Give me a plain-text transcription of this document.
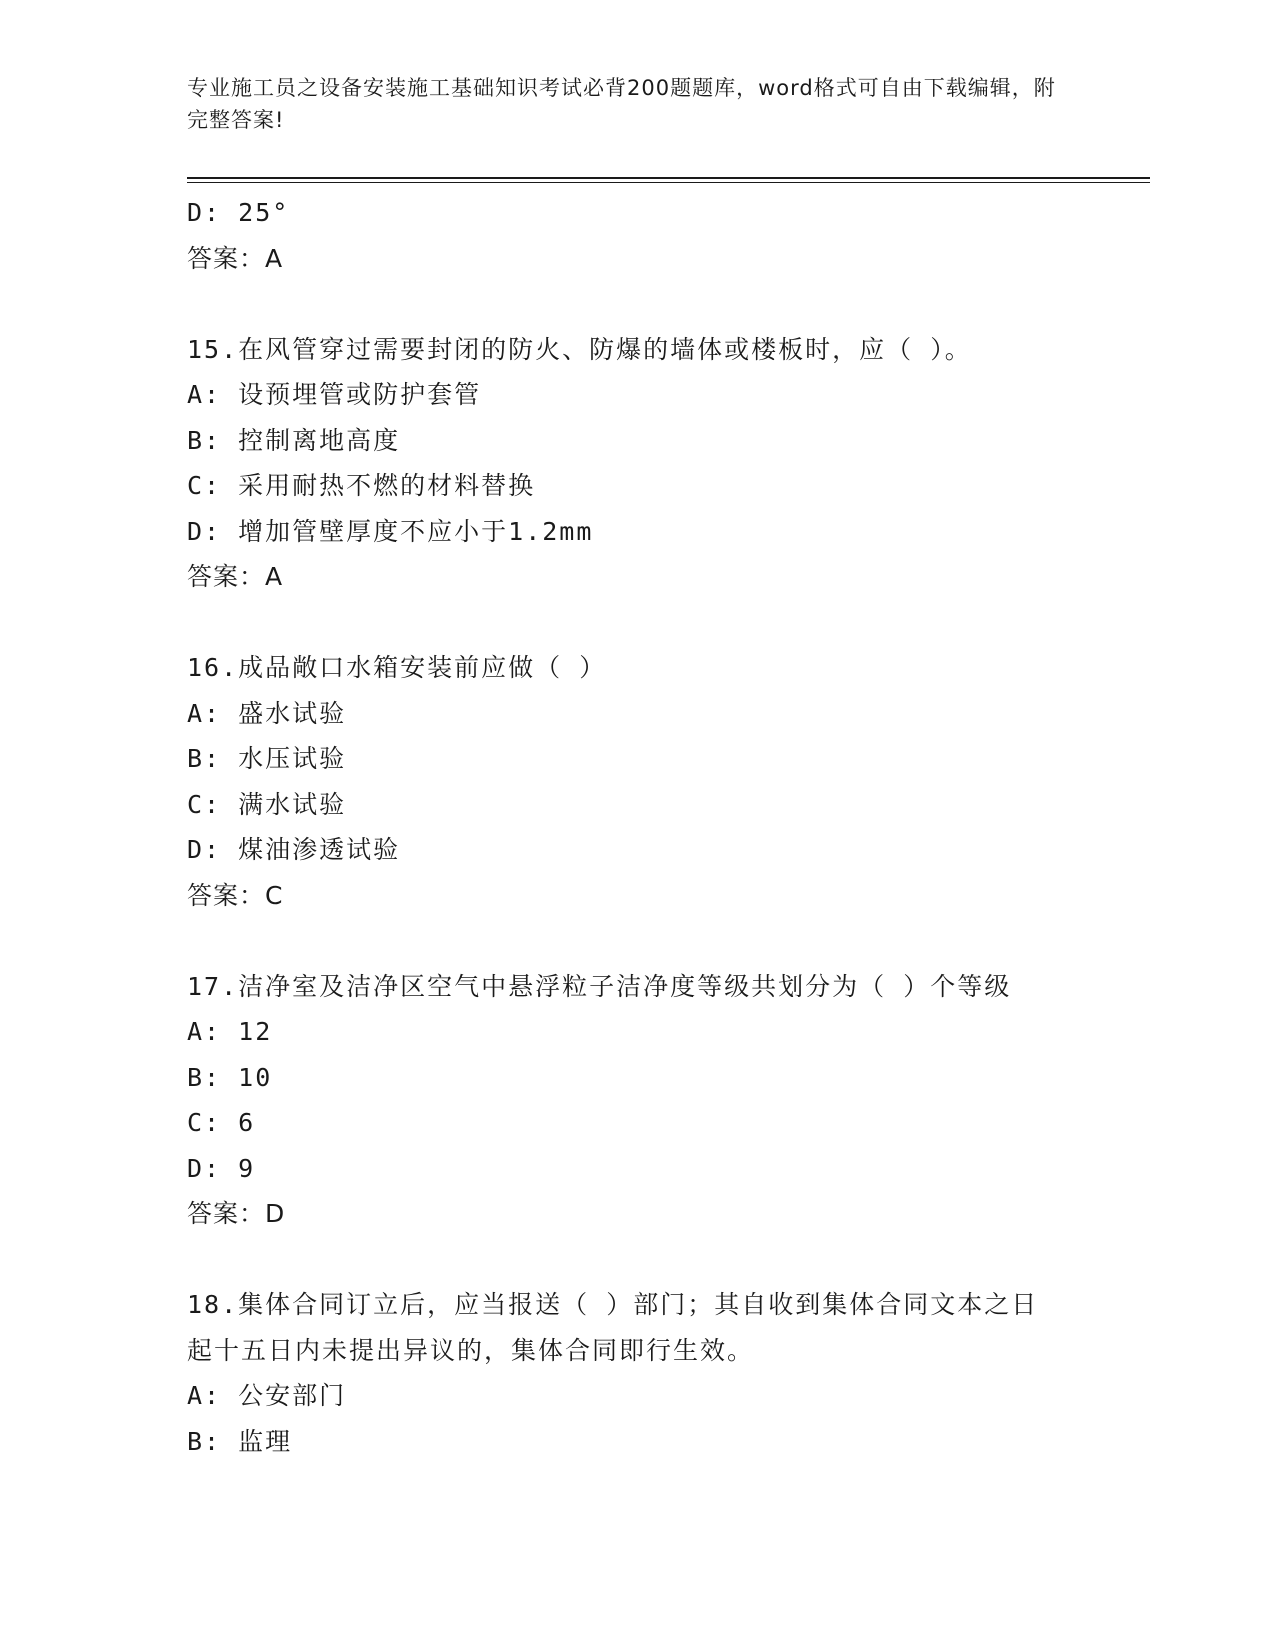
专业施工员之设备安装施工基础知识考试必背200题题库，word格式可自由下载编辑，附完整答案!
D: 25°
答案：A
15.在风管穿过需要封闭的防火、防爆的墙体或楼板时，应（ ）。
A: 设预埋管或防护套管
B: 控制离地高度
C: 采用耐热不燃的材料替换
D: 增加管壁厚度不应小于1.2mm
答案：A
16.成品敞口水箱安装前应做（ ）
A: 盛水试验
B: 水压试验
C: 满水试验
D: 煤油渗透试验
答案：C
17.洁净室及洁净区空气中悬浮粒子洁净度等级共划分为（ ）个等级
A: 12
B: 10
C: 6
D: 9
答案：D
18.集体合同订立后，应当报送（ ）部门；其自收到集体合同文本之日起十五日内未提出异议的，集体合同即行生效。
A: 公安部门
B: 监理
